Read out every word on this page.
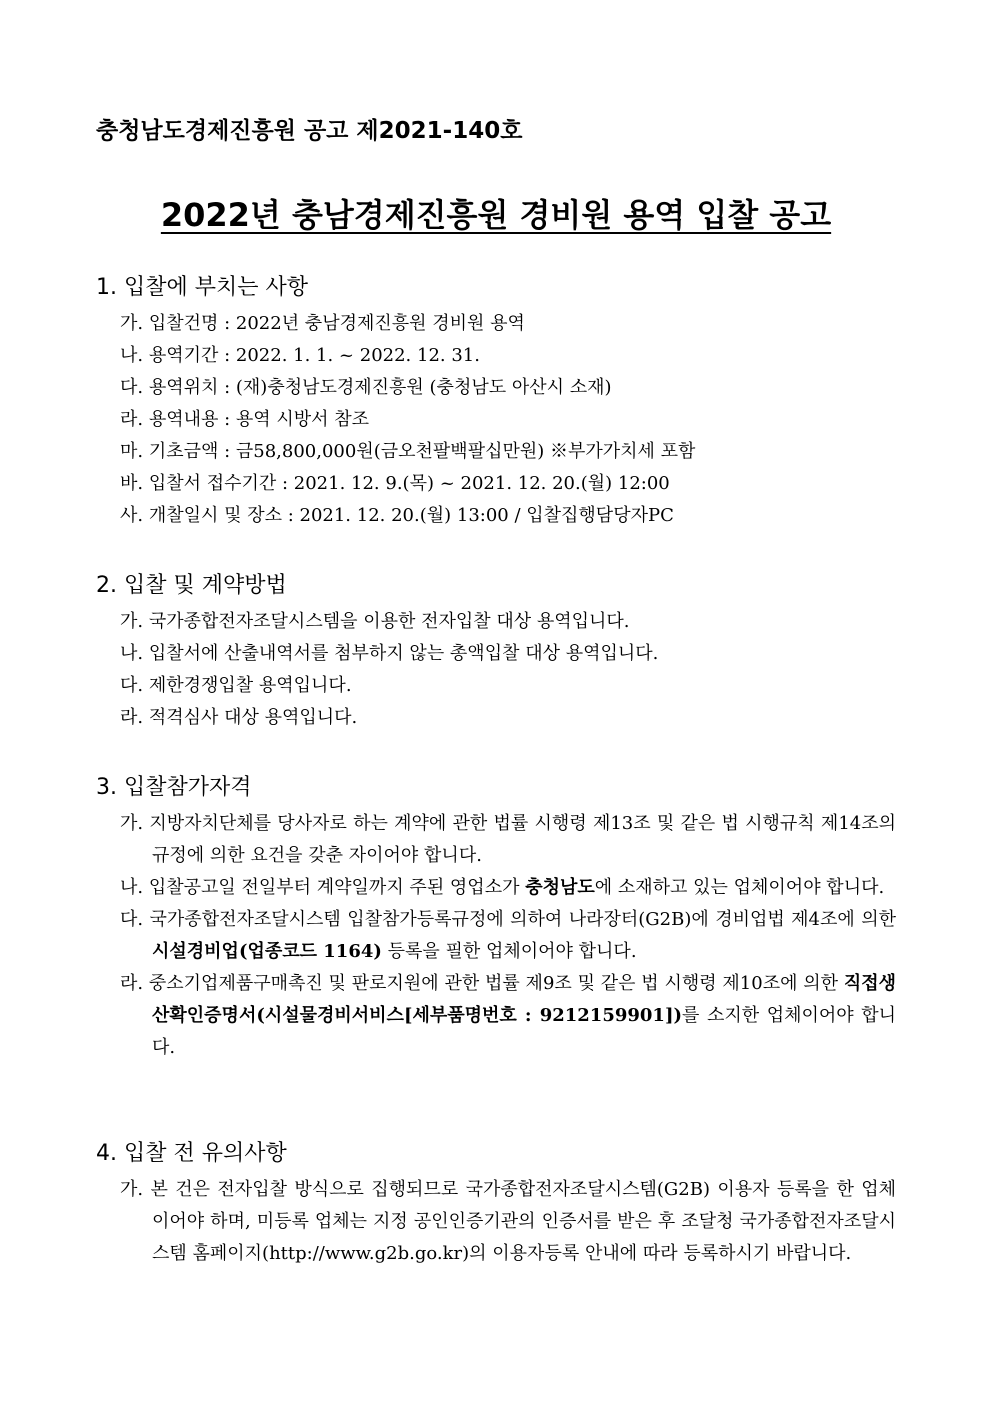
충청남도경제진흥원 공고 제2021-140호
2022년 충남경제진흥원 경비원 용역 입찰 공고

1. 입찰에 부치는 사항

가. 입찰건명 : 2022년 충남경제진흥원 경비원 용역

나. 용역기간 : 2022. 1. 1. ~ 2022. 12. 31.

다. 용역위치 : (재)충청남도경제진흥원 (충청남도 아산시 소재)

라. 용역내용 : 용역 시방서 참조

마. 기초금액 : 금58,800,000원(금오천팔백팔십만원) ※부가가치세 포함

바. 입찰서 접수기간 : 2021. 12. 9.(목) ~ 2021. 12. 20.(월) 12:00

사. 개찰일시 및 장소 : 2021. 12. 20.(월) 13:00 / 입찰집행담당자PC

2. 입찰 및 계약방법

가. 국가종합전자조달시스템을 이용한 전자입찰 대상 용역입니다.

나. 입찰서에 산출내역서를 첨부하지 않는 총액입찰 대상 용역입니다.

다. 제한경쟁입찰 용역입니다.

라. 적격심사 대상 용역입니다.

3. 입찰참가자격

가. 지방자치단체를 당사자로 하는 계약에 관한 법률 시행령 제13조 및 같은 법 시행규칙 제14조의 규정에 의한 요건을 갖춘 자이어야 합니다.

나. 입찰공고일 전일부터 계약일까지 주된 영업소가 충청남도에 소재하고 있는 업체이어야 합니다.

다. 국가종합전자조달시스템 입찰참가등록규정에 의하여 나라장터(G2B)에 경비업법 제4조에 의한 시설경비업(업종코드 1164) 등록을 필한 업체이어야 합니다.

라. 중소기업제품구매촉진 및 판로지원에 관한 법률 제9조 및 같은 법 시행령 제10조에 의한 직접생산확인증명서(시설물경비서비스[세부품명번호 : 9212159901])를 소지한 업체이어야 합니다.

4. 입찰 전 유의사항

가. 본 건은 전자입찰 방식으로 집행되므로 국가종합전자조달시스템(G2B) 이용자 등록을 한 업체이어야 하며, 미등록 업체는 지정 공인인증기관의 인증서를 받은 후 조달청 국가종합전자조달시스템 홈페이지(http://www.g2b.go.kr)의 이용자등록 안내에 따라 등록하시기 바랍니다.
